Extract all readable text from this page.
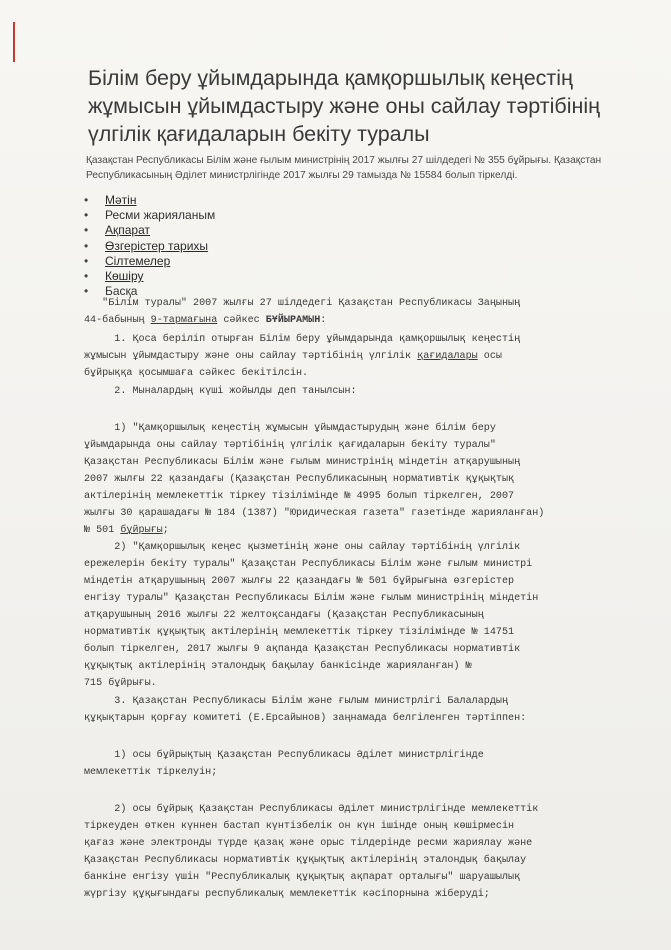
Білім беру ұйымдарында қамқоршылық кеңестің жұмысын ұйымдастыру және оны сайлау тәртібінің үлгілік қағидаларын бекіту туралы
Қазақстан Республикасы Білім және ғылым министрінің 2017 жылғы 27 шілдедегі № 355 бұйрығы. Қазақстан Республикасының Әділет министрлігінде 2017 жылғы 29 тамызда № 15584 болып тіркелді.
• Мәтін
• Ресми жарияланым
• Ақпарат
• Өзгерістер тарихы
• Сілтемелер
• Көшіру
• Басқа

"Білім туралы" 2007 жылғы 27 шілдедегі Қазақстан Республикасы Заңының

44-бабының 9-тармағына сәйкес БҰЙЫРАМЫН:

1. Қоса беріліп отырған Білім беру ұйымдарында қамқоршылық кеңестің

жұмысын ұйымдастыру және оны сайлау тәртібінің үлгілік қағидалары осы

бұйрыққа қосымшаға сәйкес бекітілсін.

2. Мыналардың күші жойылды деп танылсын:

1) "Қамқоршылық кеңестің жұмысын ұйымдастырудың және білім беру

ұйымдарында оны сайлау тәртібінің үлгілік қағидаларын бекіту туралы"

Қазақстан Республикасы Білім және ғылым министрінің міндетін атқарушының

2007 жылғы 22 қазандағы (Қазақстан Республикасының нормативтік құқықтық

актілерінің мемлекеттік тіркеу тізілімінде № 4995 болып тіркелген, 2007

жылғы 30 қарашадағы № 184 (1387) "Юридическая газета" газетінде жарияланған)

№ 501 бұйрығы;

2) "Қамқоршылық кеңес қызметінің және оны сайлау тәртібінің үлгілік

ережелерін бекіту туралы" Қазақстан Республикасы Білім және ғылым министрі

міндетін атқарушының 2007 жылғы 22 қазандағы № 501 бұйрығына өзгерістер

енгізу туралы" Қазақстан Республикасы Білім және ғылым министрінің міндетін

атқарушының 2016 жылғы 22 желтоқсандағы (Қазақстан Республикасының

нормативтік құқықтық актілерінің мемлекеттік тіркеу тізілімінде № 14751

болып тіркелген, 2017 жылғы 9 ақпанда Қазақстан Республикасы нормативтік

құқықтық актілерінің эталондық бақылау банкісінде жарияланған) №

715 бұйрығы.

3. Қазақстан Республикасы Білім және ғылым министрлігі Балалардың

құқықтарын қорғау комитеті (Е.Ерсайынов) заңнамада белгіленген тәртіппен:

1) осы бұйрықтың Қазақстан Республикасы Әділет министрлігінде

мемлекеттік тіркелуін;

2) осы бұйрық Қазақстан Республикасы Әділет министрлігінде мемлекеттік

тіркеуден өткен күннен бастап күнтізбелік он күн ішінде оның көшірмесін

қағаз және электронды түрде қазақ және орыс тілдерінде ресми жариялау және

Қазақстан Республикасы нормативтік құқықтық актілерінің эталондық бақылау

банкіне енгізу үшін "Республикалық құқықтық ақпарат орталығы" шаруашылық

жүргізу құқығындағы республикалық мемлекеттік кәсіпорнына жіберуді;
